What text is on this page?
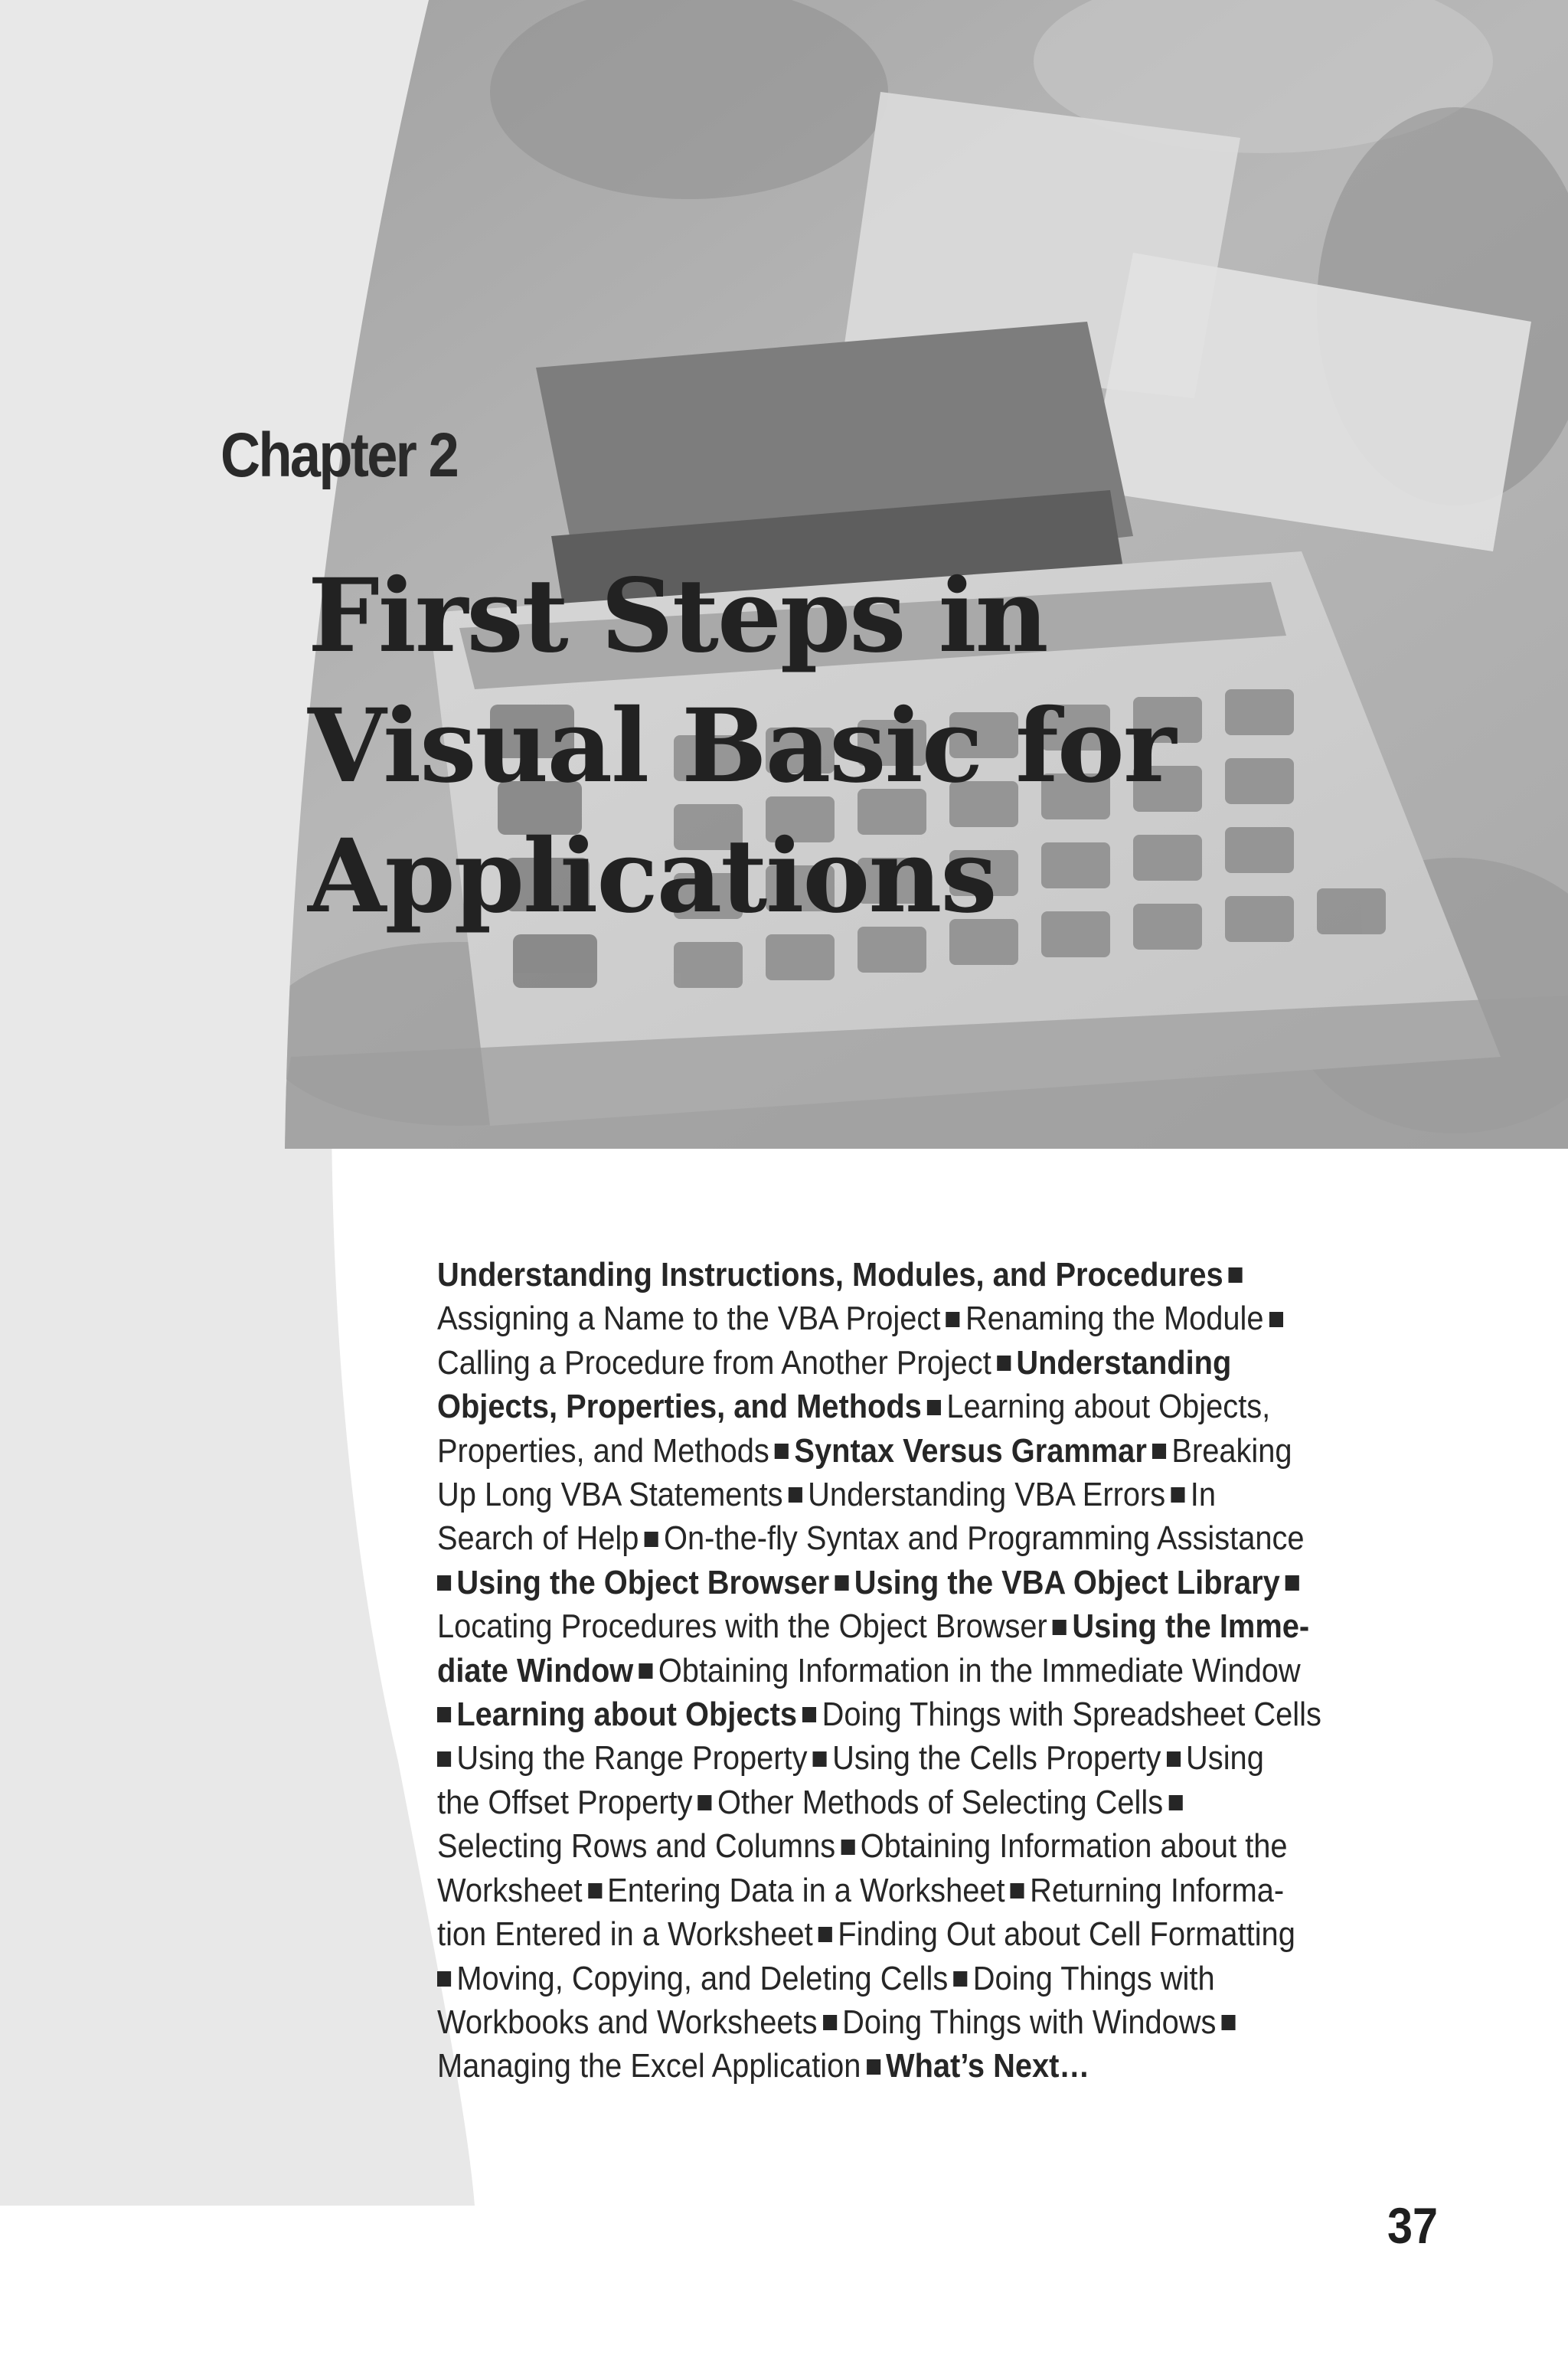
Chapter 2
First Steps in
Visual Basic for
Applications
Understanding Instructions, Modules, and Procedures
Assigning a Name to the VBA Project Renaming the Module
Calling a Procedure from Another Project Understanding
Objects, Properties, and Methods Learning about Objects,
Properties, and Methods Syntax Versus Grammar Breaking
Up Long VBA Statements Understanding VBA Errors In
Search of Help On-the-fly Syntax and Programming Assistance
Using the Object Browser Using the VBA Object Library
Locating Procedures with the Object Browser Using the Imme-
diate Window Obtaining Information in the Immediate Window
Learning about Objects Doing Things with Spreadsheet Cells
Using the Range Property Using the Cells Property Using
the Offset Property Other Methods of Selecting Cells
Selecting Rows and Columns Obtaining Information about the
Worksheet Entering Data in a Worksheet Returning Informa-
tion Entered in a Worksheet Finding Out about Cell Formatting
Moving, Copying, and Deleting Cells Doing Things with
Workbooks and Worksheets Doing Things with Windows
Managing the Excel Application What’s Next…
37
